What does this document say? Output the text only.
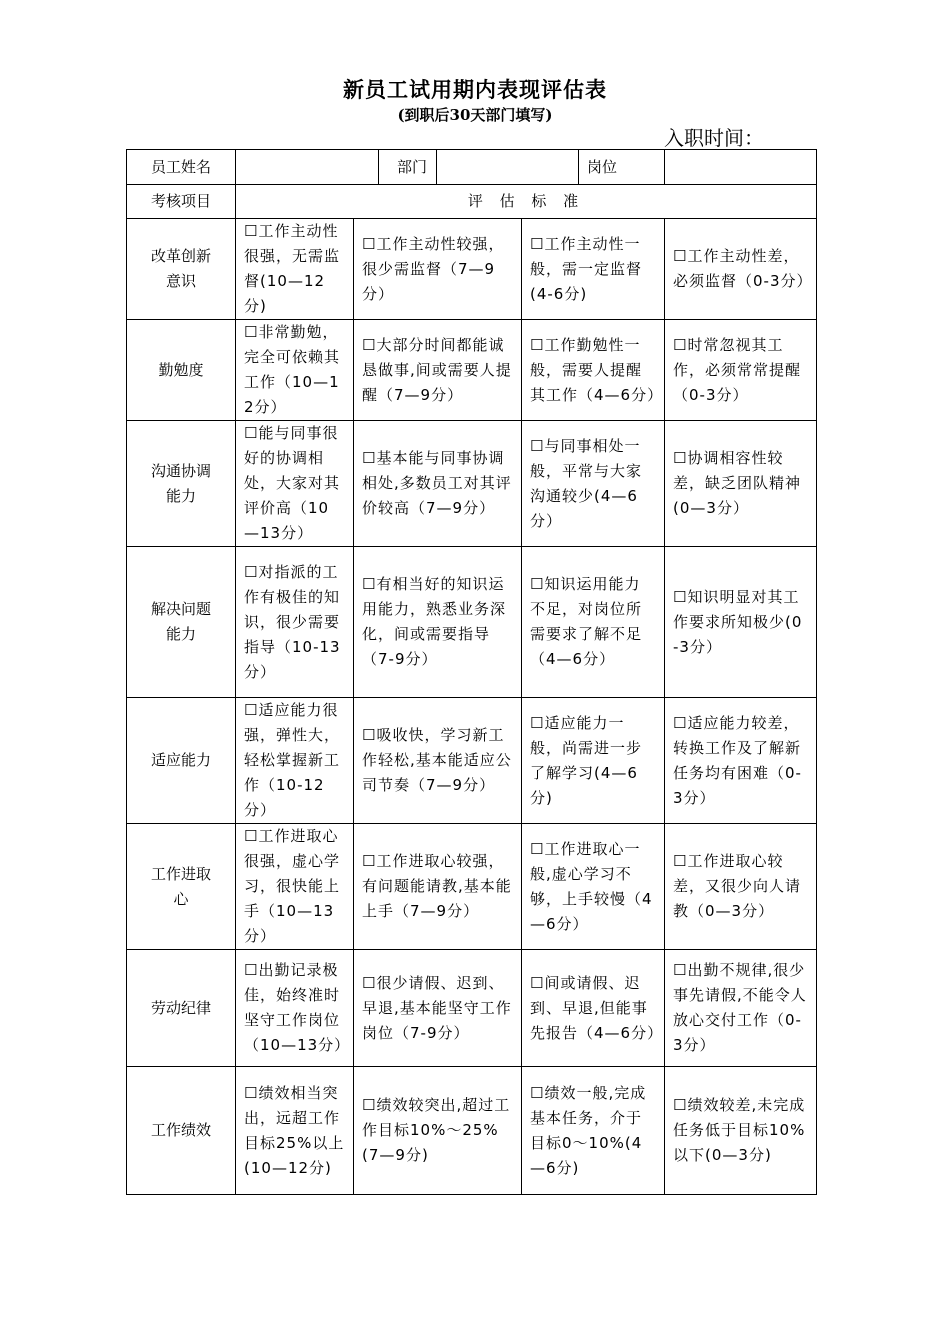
新员工试用期内表现评估表
(到职后30天部门填写)
入职时间：
员工姓名			部门			岗位	
考核项目	评 估 标 准						
改革创新意识	☐工作主动性很强，无需监督(10—12分)	☐工作主动性较强，很少需监督（7—9分）			☐工作主动性一般，需一定监督(4-6分)		☐工作主动性差，必须监督（0-3分）
勤勉度	☐非常勤勉，完全可依赖其工作（10—12分）	☐大部分时间都能诚恳做事,间或需要人提醒（7—9分）			☐工作勤勉性一般，需要人提醒其工作（4—6分）		☐时常忽视其工作，必须常常提醒（0-3分）
沟通协调能力	☐能与同事很好的协调相处，大家对其评价高（10—13分）	☐基本能与同事协调相处,多数员工对其评价较高（7—9分）			☐与同事相处一般，平常与大家沟通较少(4—6分）		☐协调相容性较差，缺乏团队精神(0—3分）
解决问题能力	☐对指派的工作有极佳的知识，很少需要指导（10-13分）	☐有相当好的知识运用能力，熟悉业务深化，间或需要指导（7-9分）			☐知识运用能力不足，对岗位所需要求了解不足（4—6分）		☐知识明显对其工作要求所知极少(0-3分）
适应能力	☐适应能力很强，弹性大，轻松掌握新工作（10-12分）	☐吸收快，学习新工作轻松,基本能适应公司节奏（7—9分）			☐适应能力一般，尚需进一步了解学习(4—6分)		☐适应能力较差，转换工作及了解新任务均有困难（0-3分）
工作进取心	☐工作进取心很强，虚心学习，很快能上手（10—13分）	☐工作进取心较强，有问题能请教,基本能上手（7—9分）			☐工作进取心一般,虚心学习不够，上手较慢（4—6分）		☐工作进取心较差，又很少向人请教（0—3分）
劳动纪律	☐出勤记录极佳，始终准时坚守工作岗位（10—13分）	☐很少请假、迟到、早退,基本能坚守工作岗位（7-9分）			☐间或请假、迟到、早退,但能事先报告（4—6分）		☐出勤不规律,很少事先请假,不能令人放心交付工作（0-3分）
工作绩效	☐绩效相当突出，远超工作目标25%以上(10—12分)	☐绩效较突出,超过工作目标10%～25%(7—9分)			☐绩效一般,完成基本任务，介于目标0～10%(4—6分)		☐绩效较差,未完成任务低于目标10%以下(0—3分)
